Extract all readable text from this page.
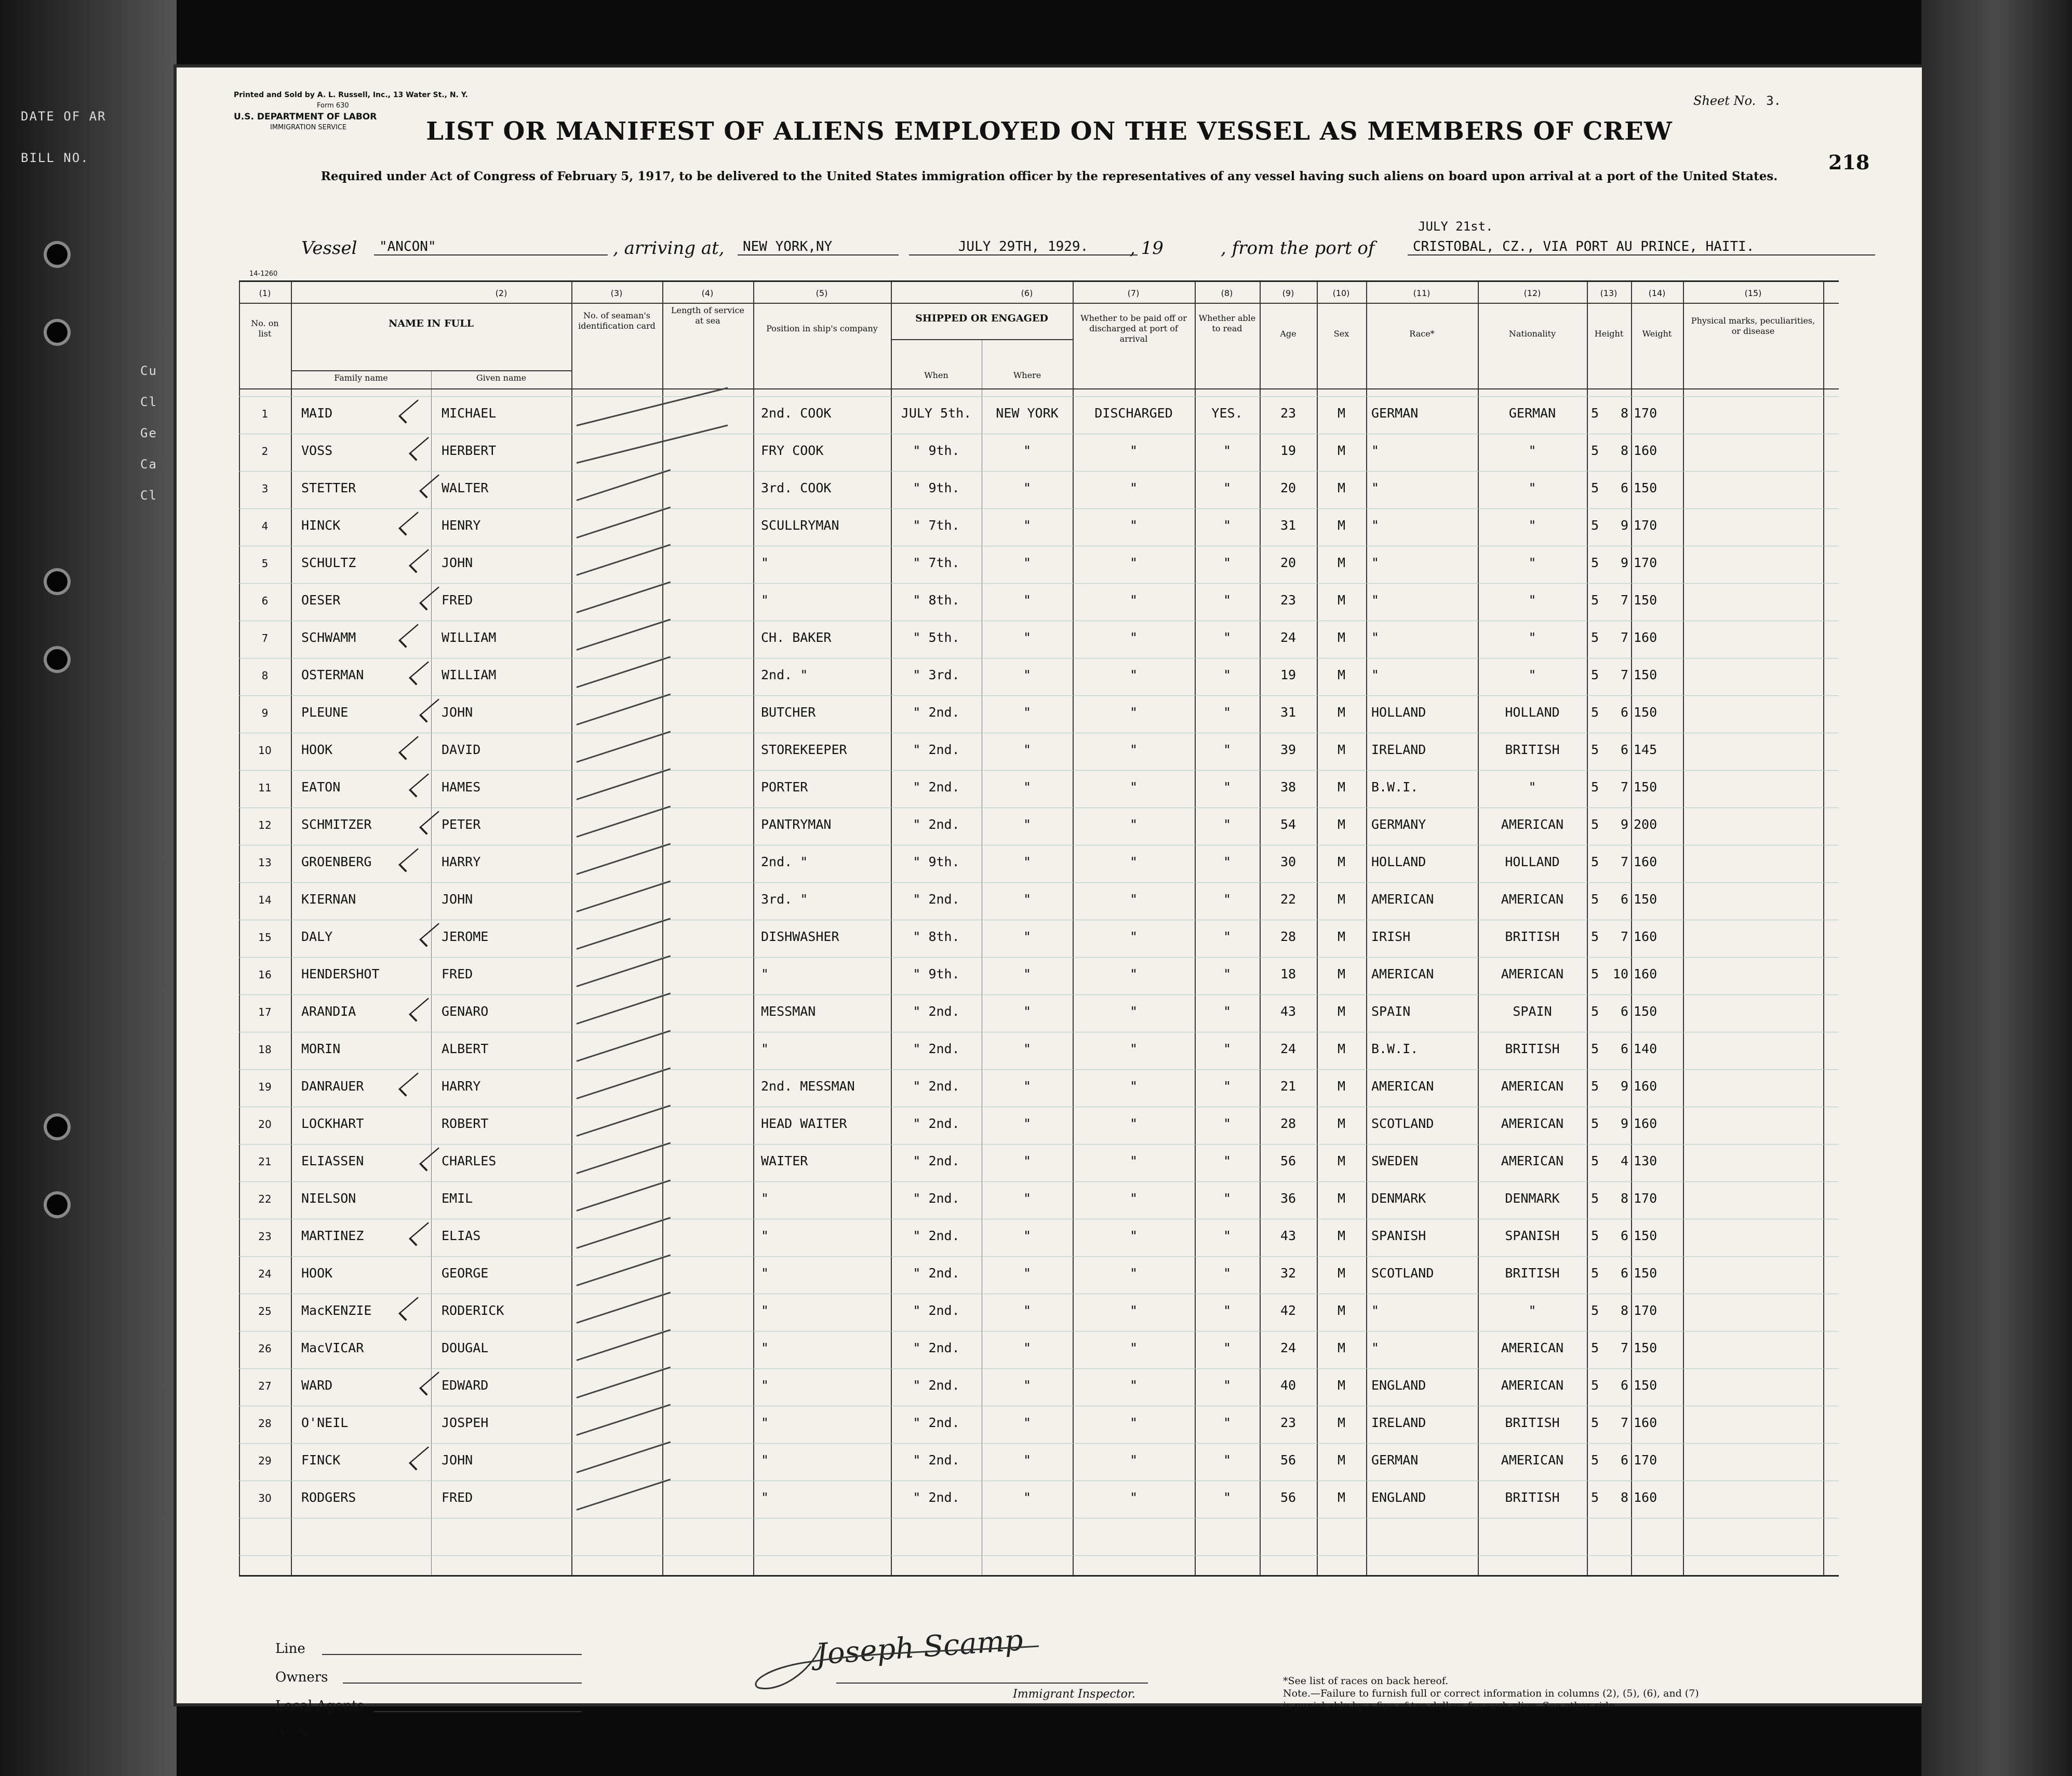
DATE OF AR
BILL NO.
Cu
Cl
Ge
Ca
Cl
Printed and Sold by A. L. Russell, Inc., 13 Water St., N. Y.
Form 630
U.S. DEPARTMENT OF LABOR
IMMIGRATION SERVICE
Sheet No. 3.
218
LIST OR MANIFEST OF ALIENS EMPLOYED ON THE VESSEL AS MEMBERS OF CREW
Required under Act of Congress of February 5, 1917, to be delivered to the United States immigration officer by the representatives of any vessel having such aliens on board upon arrival at a port of the United States.
Vessel	"ANCON"	, arriving at,	NEW YORK,NY	JULY 29TH, 1929.	, 19	, from the port of
JULY 21st.
CRISTOBAL, CZ., VIA PORT AU PRINCE, HAITI.
14-1260
(1)	(2)	(3)	(4)	(5)	(6)	(7)	(8)	(9)	(10)	(11)	(12)	(13)	(14)	(15)
No. on list
NAME IN FULL
Family name	Given name
No. of seaman's identification card
Length of service at sea
Position in ship's company
SHIPPED OR ENGAGED
When	Where
Whether to be paid off or discharged at port of arrival
Whether able to read
Age	Sex	Race*	Nationality	Height	Weight
Physical marks, peculiarities, or disease
1	MAID	MICHAEL	2nd. COOK	JULY 5th.	NEW YORK	DISCHARGED	YES.	23	M	GERMAN	GERMAN	5	8 170
2	VOSS	HERBERT	FRY COOK	" 9th.	"	"	"	19	M	"	"	5	8 160
3	STETTER	WALTER	3rd. COOK	" 9th.	"	"	"	20	M	"	"	5	6 150
4	HINCK	HENRY	SCULLRYMAN	" 7th.	"	"	"	31	M	"	"	5	9 170
5	SCHULTZ	JOHN	"	" 7th.	"	"	"	20	M	"	"	5	9 170
6	OESER	FRED	"	" 8th.	"	"	"	23	M	"	"	5	7 150
7	SCHWAMM	WILLIAM	CH. BAKER	" 5th.	"	"	"	24	M	"	"	5	7 160
8	OSTERMAN	WILLIAM	2nd. "	" 3rd.	"	"	"	19	M	"	"	5	7 150
9	PLEUNE	JOHN	BUTCHER	" 2nd.	"	"	"	31	M	HOLLAND	HOLLAND	5	6 150
10	HOOK	DAVID	STOREKEEPER	" 2nd.	"	"	"	39	M	IRELAND	BRITISH	5	6 145
11	EATON	HAMES	PORTER	" 2nd.	"	"	"	38	M	B.W.I.	"	5	7 150
12	SCHMITZER	PETER	PANTRYMAN	" 2nd.	"	"	"	54	M	GERMANY	AMERICAN	5	9 200
13	GROENBERG	HARRY	2nd. "	" 9th.	"	"	"	30	M	HOLLAND	HOLLAND	5	7 160
14	KIERNAN	JOHN	3rd. "	" 2nd.	"	"	"	22	M	AMERICAN	AMERICAN	5	6 150
15	DALY	JEROME	DISHWASHER	" 8th.	"	"	"	28	M	IRISH	BRITISH	5	7 160
16	HENDERSHOT	FRED	"	" 9th.	"	"	"	18	M	AMERICAN	AMERICAN	5	10 160
17	ARANDIA	GENARO	MESSMAN	" 2nd.	"	"	"	43	M	SPAIN	SPAIN	5	6 150
18	MORIN	ALBERT	"	" 2nd.	"	"	"	24	M	B.W.I.	BRITISH	5	6 140
19	DANRAUER	HARRY	2nd. MESSMAN	" 2nd.	"	"	"	21	M	AMERICAN	AMERICAN	5	9 160
20	LOCKHART	ROBERT	HEAD WAITER	" 2nd.	"	"	"	28	M	SCOTLAND	AMERICAN	5	9 160
21	ELIASSEN	CHARLES	WAITER	" 2nd.	"	"	"	56	M	SWEDEN	AMERICAN	5	4 130
22	NIELSON	EMIL	"	" 2nd.	"	"	"	36	M	DENMARK	DENMARK	5	8 170
23	MARTINEZ	ELIAS	"	" 2nd.	"	"	"	43	M	SPANISH	SPANISH	5	6 150
24	HOOK	GEORGE	"	" 2nd.	"	"	"	32	M	SCOTLAND	BRITISH	5	6 150
25	MacKENZIE	RODERICK	"	" 2nd.	"	"	"	42	M	"	"	5	8 170
26	MacVICAR	DOUGAL	"	" 2nd.	"	"	"	24	M	"	AMERICAN	5	7 150
27	WARD	EDWARD	"	" 2nd.	"	"	"	40	M	ENGLAND	AMERICAN	5	6 150
28	O'NEIL	JOSPEH	"	" 2nd.	"	"	"	23	M	IRELAND	BRITISH	5	7 160
29	FINCK	JOHN	"	" 2nd.	"	"	"	56	M	GERMAN	AMERICAN	5	6 170
30	RODGERS	FRED	"	" 2nd.	"	"	"	56	M	ENGLAND	BRITISH	5	8 160
Line
Owners
Local Agents
14-1260
Joseph Scamp
Immigrant Inspector.
*See list of races on back hereof.
Note.—Failure to furnish full or correct information in columns (2), (5), (6), and (7) is punishable by a fine of ten dollars for each alien. See other side.
